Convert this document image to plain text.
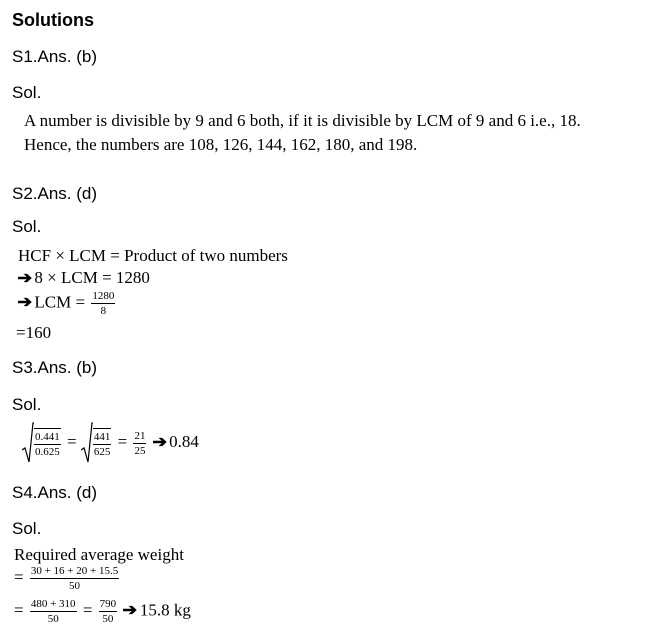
Solutions
S1.Ans. (b)
Sol.
A number is divisible by 9 and 6 both, if it is divisible by LCM of 9 and 6 i.e., 18.
Hence, the numbers are 108, 126, 144, 162, 180, and 198.
S2.Ans. (d)
Sol.
HCF × LCM = Product of two numbers
➔ 8 × LCM = 1280
➔ LCM = $\frac{1280}{8}$
=160
S3.Ans. (b)
Sol.
$\frac{0.441}{0.625} = \frac{441}{625} = \frac{21}{25}$ ➔ 0.84
S4.Ans. (d)
Sol.
Required average weight
= $\frac{30 + 16 + 20 + 15.5}{50}$
= $\frac{480 + 310}{50} = \frac{790}{50}$ ➔ 15.8 kg
